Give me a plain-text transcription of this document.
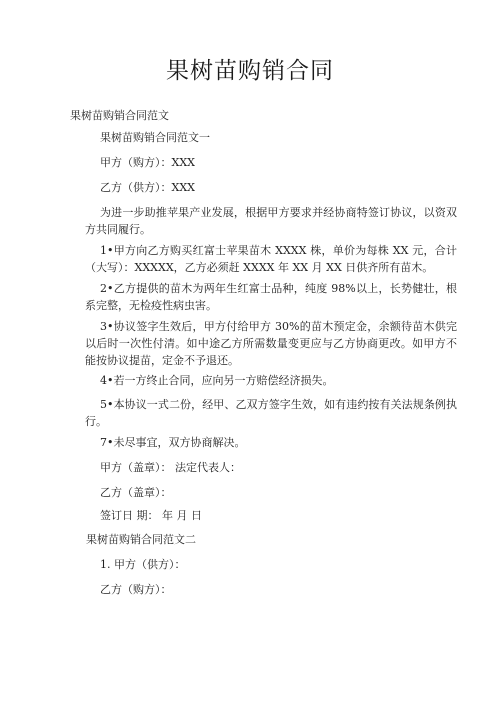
果树苗购销合同
果树苗购销合同范文
果树苗购销合同范文一
甲方（购方）：XXX
乙方（供方）：XXX
为进一步助推苹果产业发展，根据甲方要求并经协商特签订协议，以资双方共同履行。
1•甲方向乙方购买红富士苹果苗木 XXXX 株，单价为每株 XX 元，合计（大写）：XXXXX，乙方必须赶 XXXX 年 XX 月 XX 日供齐所有苗木。
2•乙方提供的苗木为两年生红富士品种，纯度 98%以上，长势健壮，根系完整，无检疫性病虫害。
3•协议签字生效后，甲方付给甲方 30%的苗木预定金，余额待苗木供完以后时一次性付清。如中途乙方所需数量变更应与乙方协商更改。如甲方不能按协议提苗，定金不予退还。
4•若一方终止合同，应向另一方赔偿经济损失。
5•本协议一式二份，经甲、乙双方签字生效，如有违约按有关法规条例执行。
7•未尽事宜，双方协商解决。
甲方（盖章）： 法定代表人：
乙方（盖章）：
签订日 期： 年 月 日
果树苗购销合同范文二
1. 甲方（供方）：
乙方（购方）：
